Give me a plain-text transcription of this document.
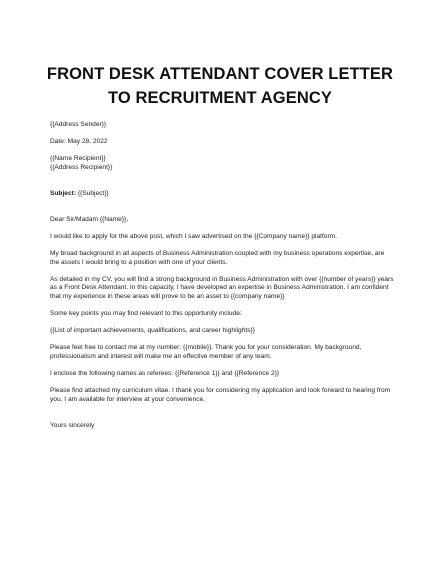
FRONT DESK ATTENDANT COVER LETTER
TO RECRUITMENT AGENCY

{{Address Sender}}

Date: May 28, 2022

{{Name Recipient}}

{{Address Recipient}}

Subject: {{Subject}}

Dear Sir/Madam {{Name}},

I would like to apply for the above post, which I saw advertised on the {{Company name}} platform.

My broad background in all aspects of Business Administration coupled with my business operations expertise, are the assets I would bring to a position with one of your clients.

As detailed in my CV, you will find a strong background in Business Administration with over {{number of years}} years as a Front Desk Attendant. In this capacity, I have developed an expertise in Business Administration. I am confident that my experience in these areas will prove to be an asset to {{company name}}

Some key points you may find relevant to this opportunity include:

{{List of important achievements, qualifications, and career highlights}}

Please feel free to contact me at my number: {{mobile}}. Thank you for your consideration. My background, professionalism and interest will make me an effective member of any team.

I enclose the following names as referees: {{Reference 1}} and {{Reference 2}}

Please find attached my curriculum vitae. I thank you for considering my application and look forward to hearing from you. I am available for interview at your convenience.

Yours sincerely
